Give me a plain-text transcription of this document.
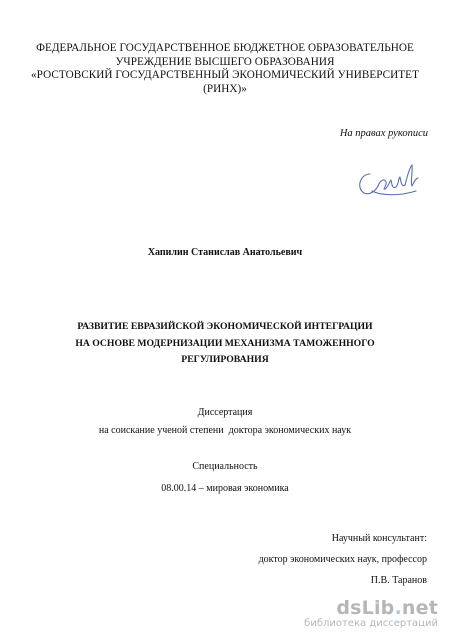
ФЕДЕРАЛЬНОЕ ГОСУДАРСТВЕННОЕ БЮДЖЕТНОЕ ОБРАЗОВАТЕЛЬНОЕ
УЧРЕЖДЕНИЕ ВЫСШЕГО ОБРАЗОВАНИЯ
«РОСТОВСКИЙ ГОСУДАРСТВЕННЫЙ ЭКОНОМИЧЕСКИЙ УНИВЕРСИТЕТ
(РИНХ)»
На правах рукописи
Хапилин Станислав Анатольевич
РАЗВИТИЕ ЕВРАЗИЙСКОЙ ЭКОНОМИЧЕСКОЙ ИНТЕГРАЦИИ
НА ОСНОВЕ МОДЕРНИЗАЦИИ МЕХАНИЗМА ТАМОЖЕННОГО
РЕГУЛИРОВАНИЯ
Диссертация
на соискание ученой степени  доктора экономических наук
Специальность
08.00.14 – мировая экономика
Научный консультант:
доктор экономических наук, профессор
П.В. Таранов
dsLib.net
библиотека диссертаций
